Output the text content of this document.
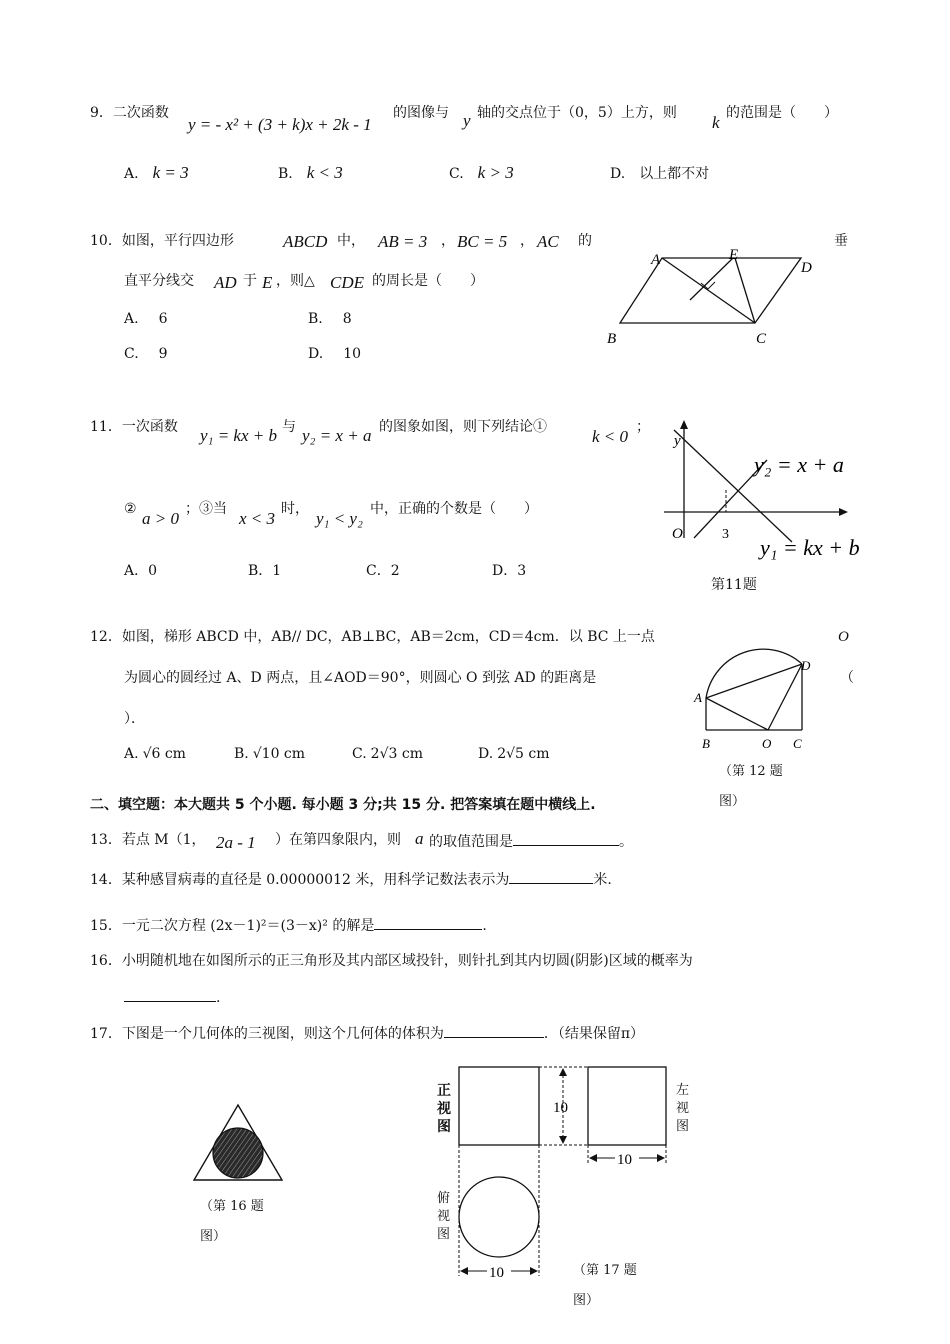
9．二次函数
y = - x² + (3 + k)x + 2k - 1
的图像与 y 轴的交点位于（0，5）上方，则 k 的范围是（　　）
A. k = 3	B. k < 3	C. k > 3	D. 以上都不对
10．如图，平行四边形	ABCD 中， AB = 3 ， BC = 5 ， AC 的	垂
直平分线交 AD 于 E ，则△ CDE 的周长是（　　）
A. 6	B. 8
C. 9	D. 10
A	E
D
B	C
11．一次函数 y₁ = kx + b 与 y₂ = x + a 的图象如图，则下列结论①	k < 0 ；
② a > 0 ；③当 x < 3 时， y₁ < y₂ 中，正确的个数是（　　）
A．0	B．1	C．2	D．3
y
O	3
y₂ = x + a
y₁ = kx + b
第11题
12．如图，梯形 ABCD 中，AB// DC，AB⊥BC，AB＝2cm，CD＝4cm．以 BC 上一点	O
为圆心的圆经过 A、D 两点，且∠AOD＝90°，则圆心 O 到弦 AD 的距离是	（
）．
A. √6 cm	B. √10 cm	C. 2√3 cm	D. 2√5 cm
D
A
B	O C
（第 12 题
图）
二、填空题：本大题共 5 个小题. 每小题 3 分;共 15 分. 把答案填在题中横线上.
13．若点 M（1， 2a - 1 ）在第四象限内，则 a 的取值范围是	。
14．某种感冒病毒的直径是 0.00000012 米，用科学记数法表示为	米.
15．一元二次方程 (2x－1)²＝(3－x)² 的解是	.
16．小明随机地在如图所示的正三角形及其内部区域投针，则针扎到其内切圆(阴影)区域的概率为
.
17．下图是一个几何体的三视图，则这个几何体的体积为	．（结果保留π）
（第 16 题
图）
正
视
图
左
视
图
俯
视
图
10
10
10	（第 17 题
图）
